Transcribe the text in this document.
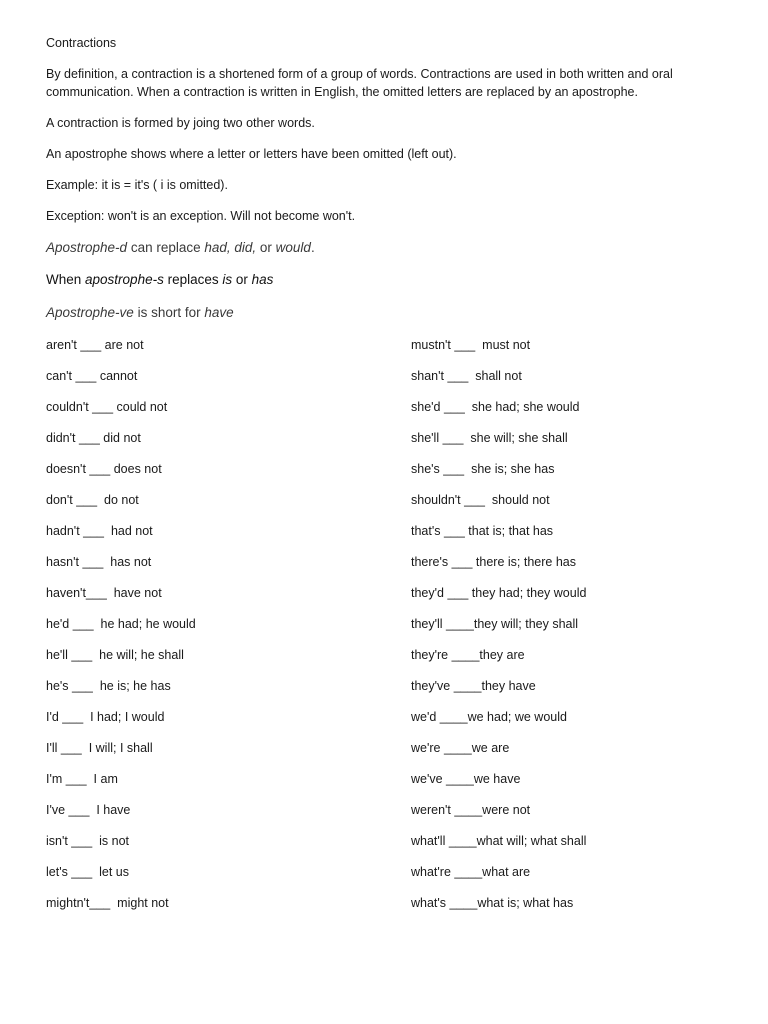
Contractions
By definition, a contraction is a shortened form of a group of words. Contractions are used in both written and oral communication. When a contraction is written in English, the omitted letters are replaced by an apostrophe.
A contraction is formed by joing two other words.
An apostrophe shows where a letter or letters have been omitted (left out).
Example: it is = it's ( i is omitted).
Exception: won't is an exception. Will not become won't.
Apostrophe-d can replace had, did, or would.
When apostrophe-s replaces is or has
Apostrophe-ve is short for have
aren't ___ are not
can't ___ cannot
couldn't ___ could not
didn't ___ did not
doesn't ___ does not
don't ___  do not
hadn't ___  had not
hasn't ___  has not
haven't___  have not
he'd ___  he had; he would
he'll ___  he will; he shall
he's ___  he is; he has
I'd ___  I had; I would
I'll ___  I will; I shall
I'm ___  I am
I've ___  I have
isn't ___  is not
let's ___  let us
mightn't___  might not
mustn't ___  must not
shan't ___  shall not
she'd ___  she had; she would
she'll ___  she will; she shall
she's ___  she is; she has
shouldn't ___  should not
that's ___ that is; that has
there's ___ there is; there has
they'd ___ they had; they would
they'll ____they will; they shall
they're ____they are
they've ____they have
we'd ____we had; we would
we're ____we are
we've ____we have
weren't ____were not
what'll ____what will; what shall
what're ____what are
what's ____what is; what has
